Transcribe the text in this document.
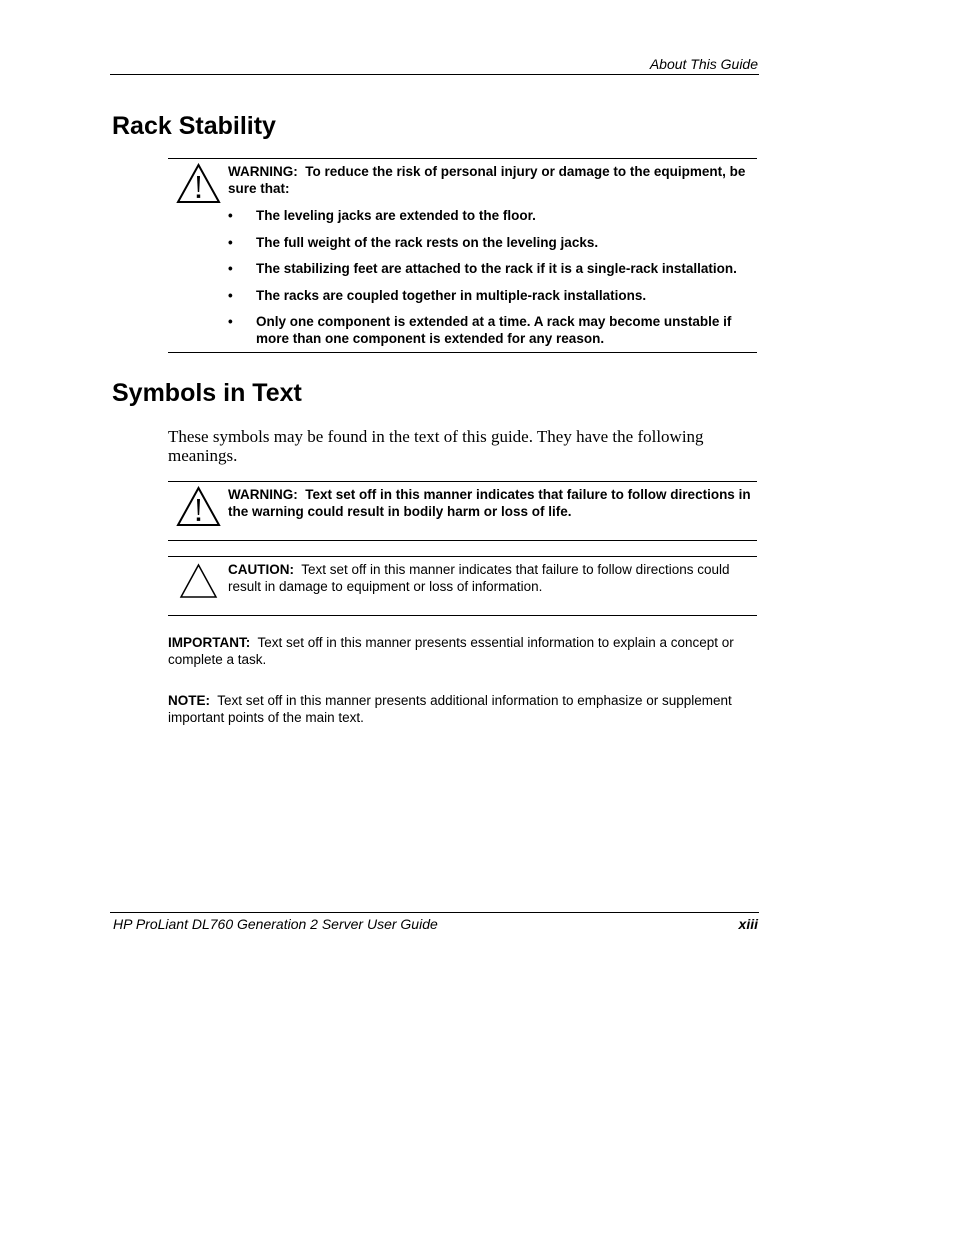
About This Guide
Rack Stability
WARNING: To reduce the risk of personal injury or damage to the equipment, be sure that:
• The leveling jacks are extended to the floor.
• The full weight of the rack rests on the leveling jacks.
• The stabilizing feet are attached to the rack if it is a single-rack installation.
• The racks are coupled together in multiple-rack installations.
• Only one component is extended at a time. A rack may become unstable if more than one component is extended for any reason.
Symbols in Text

These symbols may be found in the text of this guide. They have the following meanings.

WARNING: Text set off in this manner indicates that failure to follow directions in the warning could result in bodily harm or loss of life.
CAUTION: Text set off in this manner indicates that failure to follow directions could result in damage to equipment or loss of information.

IMPORTANT: Text set off in this manner presents essential information to explain a concept or complete a task.

NOTE: Text set off in this manner presents additional information to emphasize or supplement important points of the main text.

HP ProLiant DL760 Generation 2 Server User Guide	xiii
